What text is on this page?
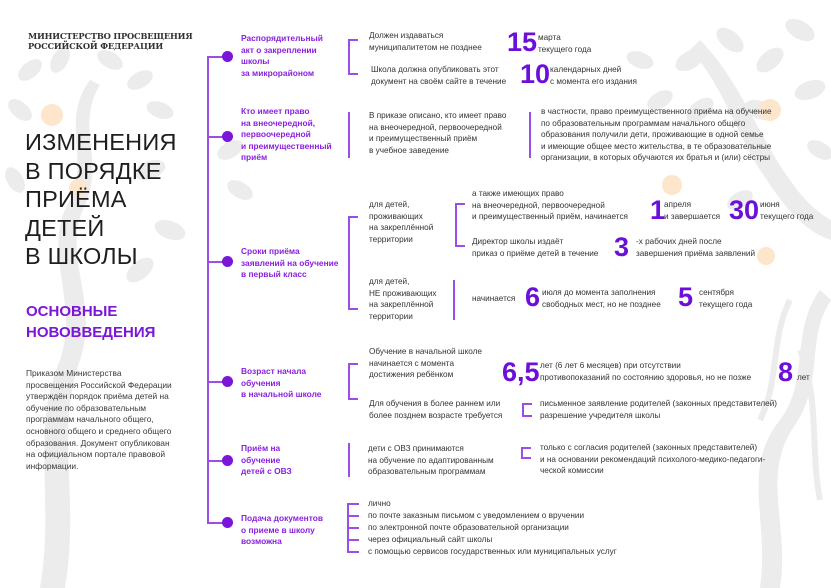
МИНИСТЕРСТВО ПРОСВЕЩЕНИЯ
РОССИЙСКОЙ ФЕДЕРАЦИИ
ИЗМЕНЕНИЯ
В ПОРЯДКЕ
ПРИЁМА
ДЕТЕЙ
В ШКОЛЫ
ОСНОВНЫЕ
НОВОВВЕДЕНИЯ
Приказом Министерства просвещения Российской Федерации утверждён порядок приёма детей на обучение по образовательным программам начального общего, основного общего и среднего общего образования. Документ опубликован на официальном портале правовой информации.
Распорядительный
акт о закреплении
школы
за микрорайоном
Должен издаваться
муниципалитетом не позднее 15 марта
текущего года
Школа должна опубликовать этот
документ на своём сайте в течение 10 календарных дней
с момента его издания
Кто имеет право
на внеочередной,
первоочередной
и преимущественный
приём
В приказе описано, кто имеет право
на внеочередной, первоочередной
и преимущественный приём
в учебное заведение
в частности, право преимущественного приёма на обучение
по образовательным программам начального общего
образования получили дети, проживающие в одной семье
и имеющие общее место жительства, в те образовательные
организации, в которых обучаются их братья и (или) сёстры
Сроки приёма
заявлений на обучение
в первый класс
для детей,
проживающих
на закреплённой
территории
для детей,
НЕ проживающих
на закреплённой
территории
а также имеющих право
на внеочередной, первоочередной
и преимущественный приём, начинается 1
апреля
и завершается 30 июня
текущего года
Директор школы издаёт
приказ о приёме детей в течение 3 -х рабочих дней после
завершения приёма заявлений
начинается 6 июля до момента заполнения
свободных мест, но не позднее 5 сентября
текущего года
Возраст начала
обучения
в начальной школе
Обучение в начальной школе
начинается с момента
достижения ребёнком	6,5 лет (6 лет 6 месяцев) при отсутствии
противопоказаний по состоянию здоровья, но не позже 8 лет
Для обучения в более раннем или
более позднем возрасте требуется
письменное заявление родителей (законных представителей)
разрешение учредителя школы
Приём на
обучение
детей с ОВЗ
дети с ОВЗ принимаются
на обучение по адаптированным
образовательным программам
только с согласия родителей (законных представителей)
и на основании рекомендаций психолого-медико-педагоги-
ческой комиссии
Подача документов
о приеме в школу
возможна
лично
по почте заказным письмом с уведомлением о вручении
по электронной почте образовательной организации
через официальный сайт школы
с помощью сервисов государственных или муниципальных услуг
